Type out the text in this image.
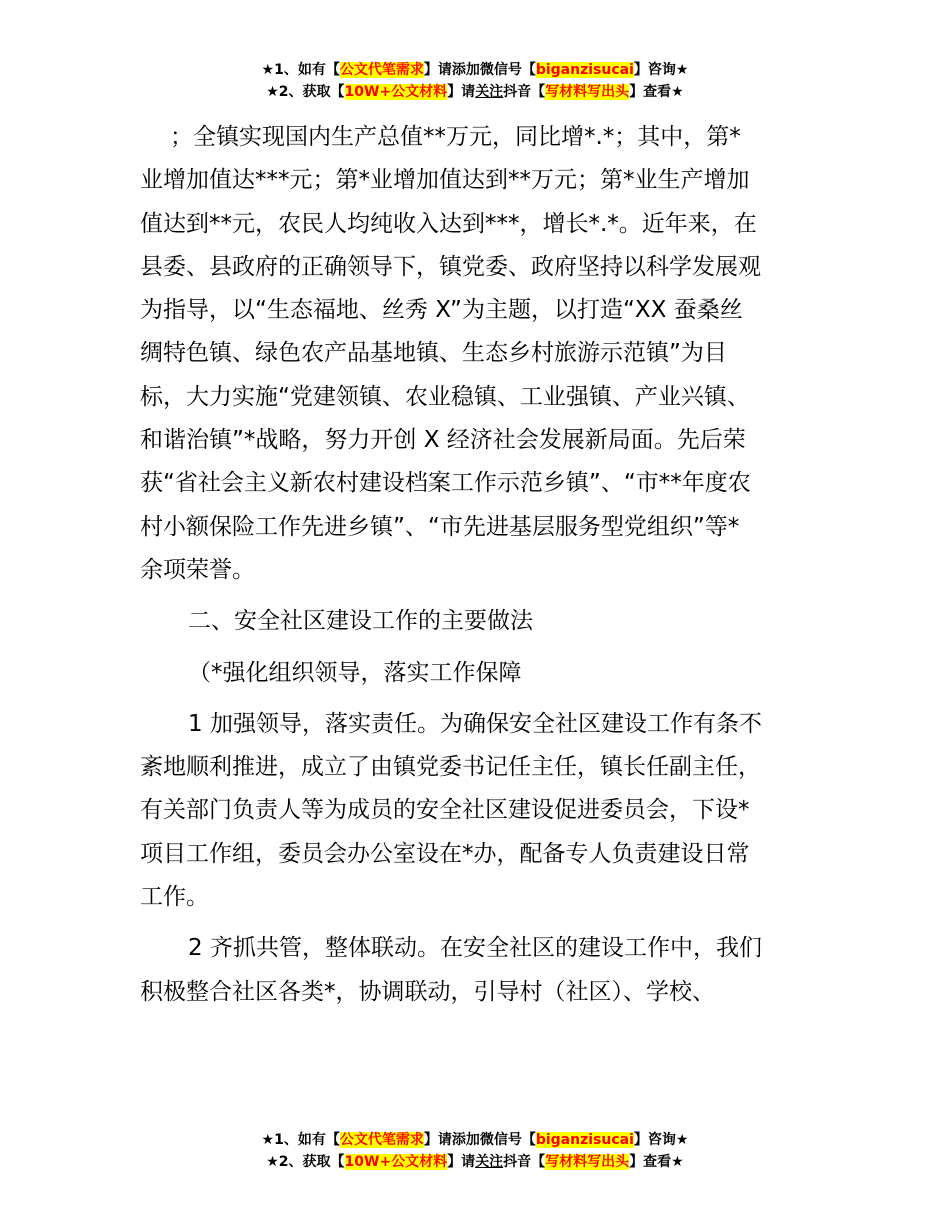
★1、如有【公文代笔需求】请添加微信号【biganzisucai】咨询★
★2、获取【10W+公文材料】请关注抖音【写材料写出头】查看★
；全镇实现国内生产总值**万元，同比增*.*；其中，第*
业增加值达***元；第*业增加值达到**万元；第*业生产增加
值达到**元，农民人均纯收入达到***，增长*.*。近年来，在
县委、县政府的正确领导下，镇党委、政府坚持以科学发展观
为指导，以“生态福地、丝秀 X”为主题，以打造“XX 蚕桑丝
绸特色镇、绿色农产品基地镇、生态乡村旅游示范镇”为目
标，大力实施“党建领镇、农业稳镇、工业强镇、产业兴镇、
和谐治镇”*战略，努力开创 X 经济社会发展新局面。先后荣
获“省社会主义新农村建设档案工作示范乡镇”、“市**年度农
村小额保险工作先进乡镇”、“市先进基层服务型党组织”等*
余项荣誉。
二、安全社区建设工作的主要做法
（*强化组织领导，落实工作保障
1 加强领导，落实责任。为确保安全社区建设工作有条不
紊地顺利推进，成立了由镇党委书记任主任，镇长任副主任，
有关部门负责人等为成员的安全社区建设促进委员会，下设*
项目工作组，委员会办公室设在*办，配备专人负责建设日常
工作。
2 齐抓共管，整体联动。在安全社区的建设工作中，我们
积极整合社区各类*，协调联动，引导村（社区）、学校、
★1、如有【公文代笔需求】请添加微信号【biganzisucai】咨询★
★2、获取【10W+公文材料】请关注抖音【写材料写出头】查看★
